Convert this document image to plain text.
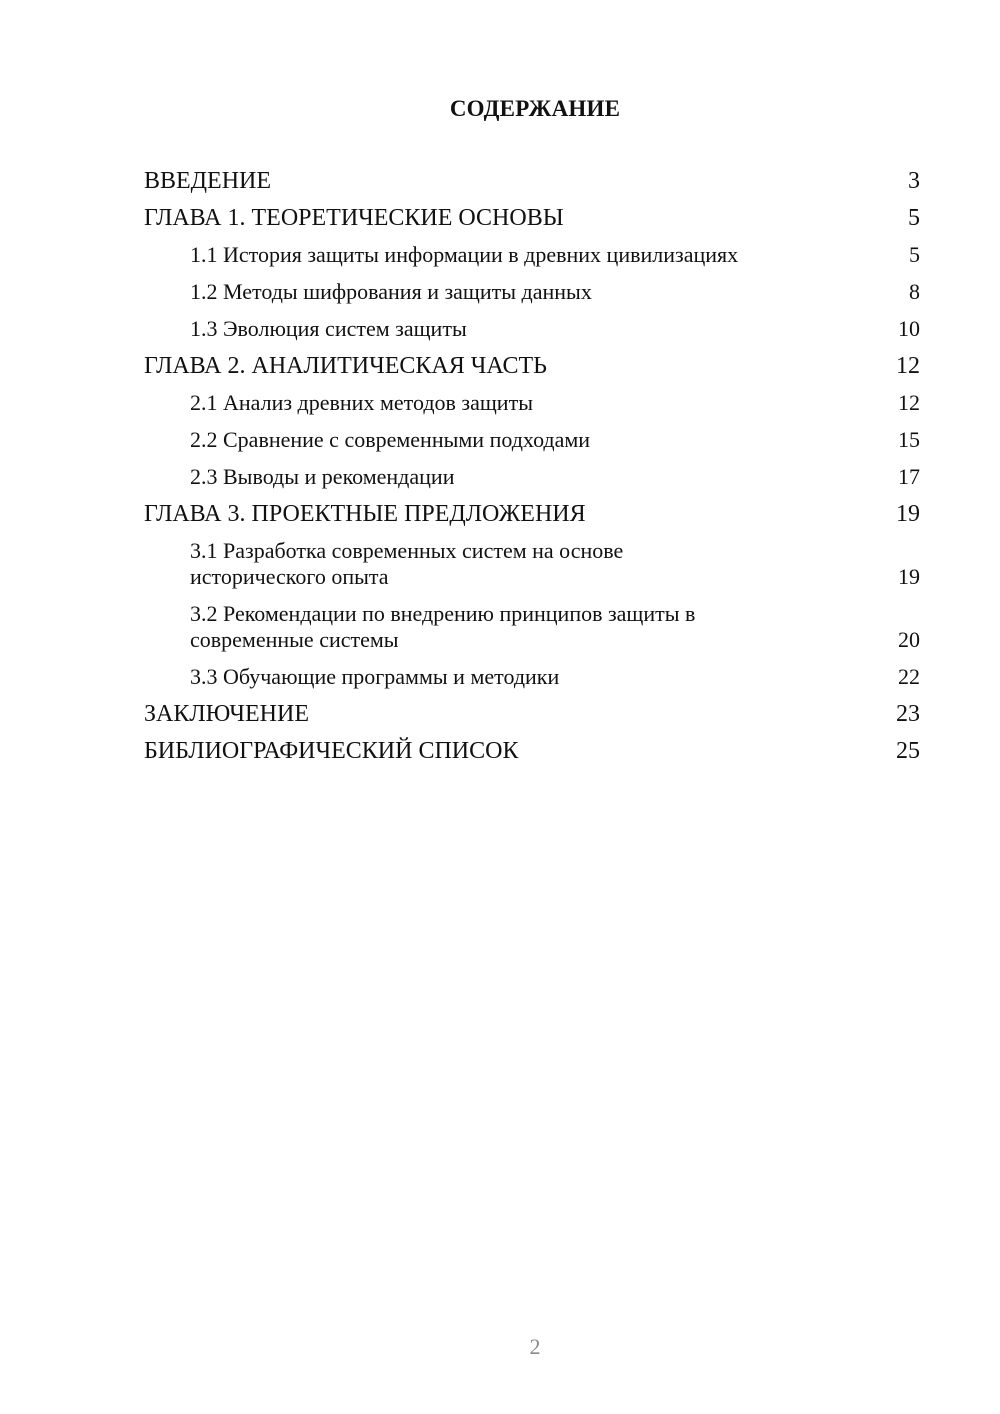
СОДЕРЖАНИЕ
ВВЕДЕНИЕ	3
ГЛАВА 1. ТЕОРЕТИЧЕСКИЕ ОСНОВЫ	5
1.1 История защиты информации в древних цивилизациях	5
1.2 Методы шифрования и защиты данных	8
1.3 Эволюция систем защиты	10
ГЛАВА 2. АНАЛИТИЧЕСКАЯ ЧАСТЬ	12
2.1 Анализ древних методов защиты	12
2.2 Сравнение с современными подходами	15
2.3 Выводы и рекомендации	17
ГЛАВА 3. ПРОЕКТНЫЕ ПРЕДЛОЖЕНИЯ	19
3.1 Разработка современных систем на основе
исторического опыта	19
3.2 Рекомендации по внедрению принципов защиты в
современные системы	20
3.3 Обучающие программы и методики	22
ЗАКЛЮЧЕНИЕ	23
БИБЛИОГРАФИЧЕСКИЙ СПИСОК	25
2
